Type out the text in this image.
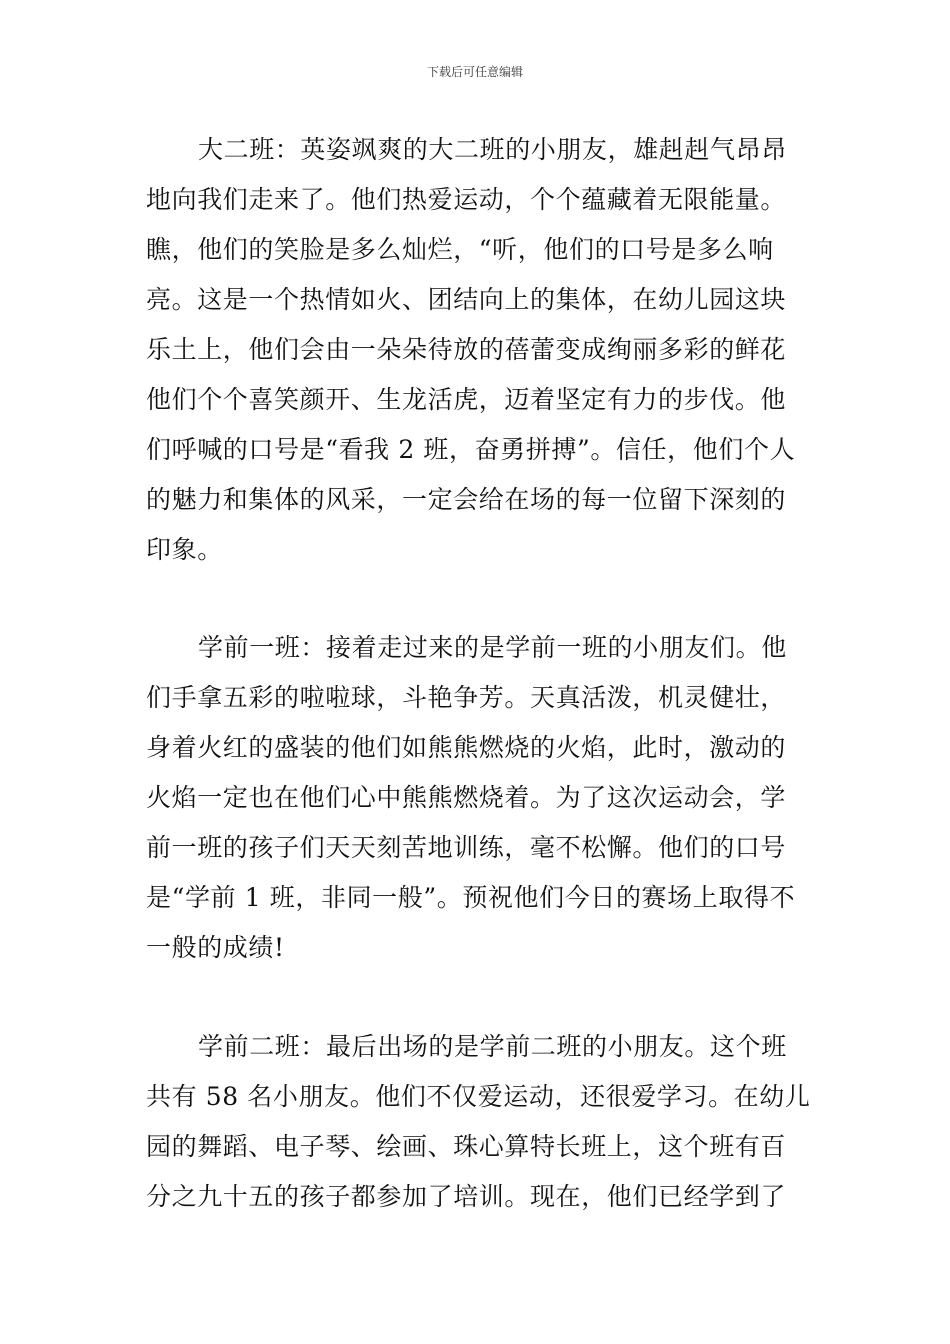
下载后可任意编辑
大二班：英姿飒爽的大二班的小朋友，雄赳赳气昂昂
地向我们走来了。他们热爱运动，个个蕴藏着无限能量。
瞧，他们的笑脸是多么灿烂，“听，他们的口号是多么响
亮。这是一个热情如火、团结向上的集体，在幼儿园这块
乐土上，他们会由一朵朵待放的蓓蕾变成绚丽多彩的鲜花
他们个个喜笑颜开、生龙活虎，迈着坚定有力的步伐。他
们呼喊的口号是“看我 2 班，奋勇拼搏”。信任，他们个人
的魅力和集体的风采，一定会给在场的每一位留下深刻的
印象。
学前一班：接着走过来的是学前一班的小朋友们。他
们手拿五彩的啦啦球，斗艳争芳。天真活泼，机灵健壮，
身着火红的盛装的他们如熊熊燃烧的火焰，此时，激动的
火焰一定也在他们心中熊熊燃烧着。为了这次运动会，学
前一班的孩子们天天刻苦地训练，毫不松懈。他们的口号
是“学前 1 班，非同一般”。预祝他们今日的赛场上取得不
一般的成绩!
学前二班：最后出场的是学前二班的小朋友。这个班
共有 58 名小朋友。他们不仅爱运动，还很爱学习。在幼儿
园的舞蹈、电子琴、绘画、珠心算特长班上，这个班有百
分之九十五的孩子都参加了培训。现在，他们已经学到了
